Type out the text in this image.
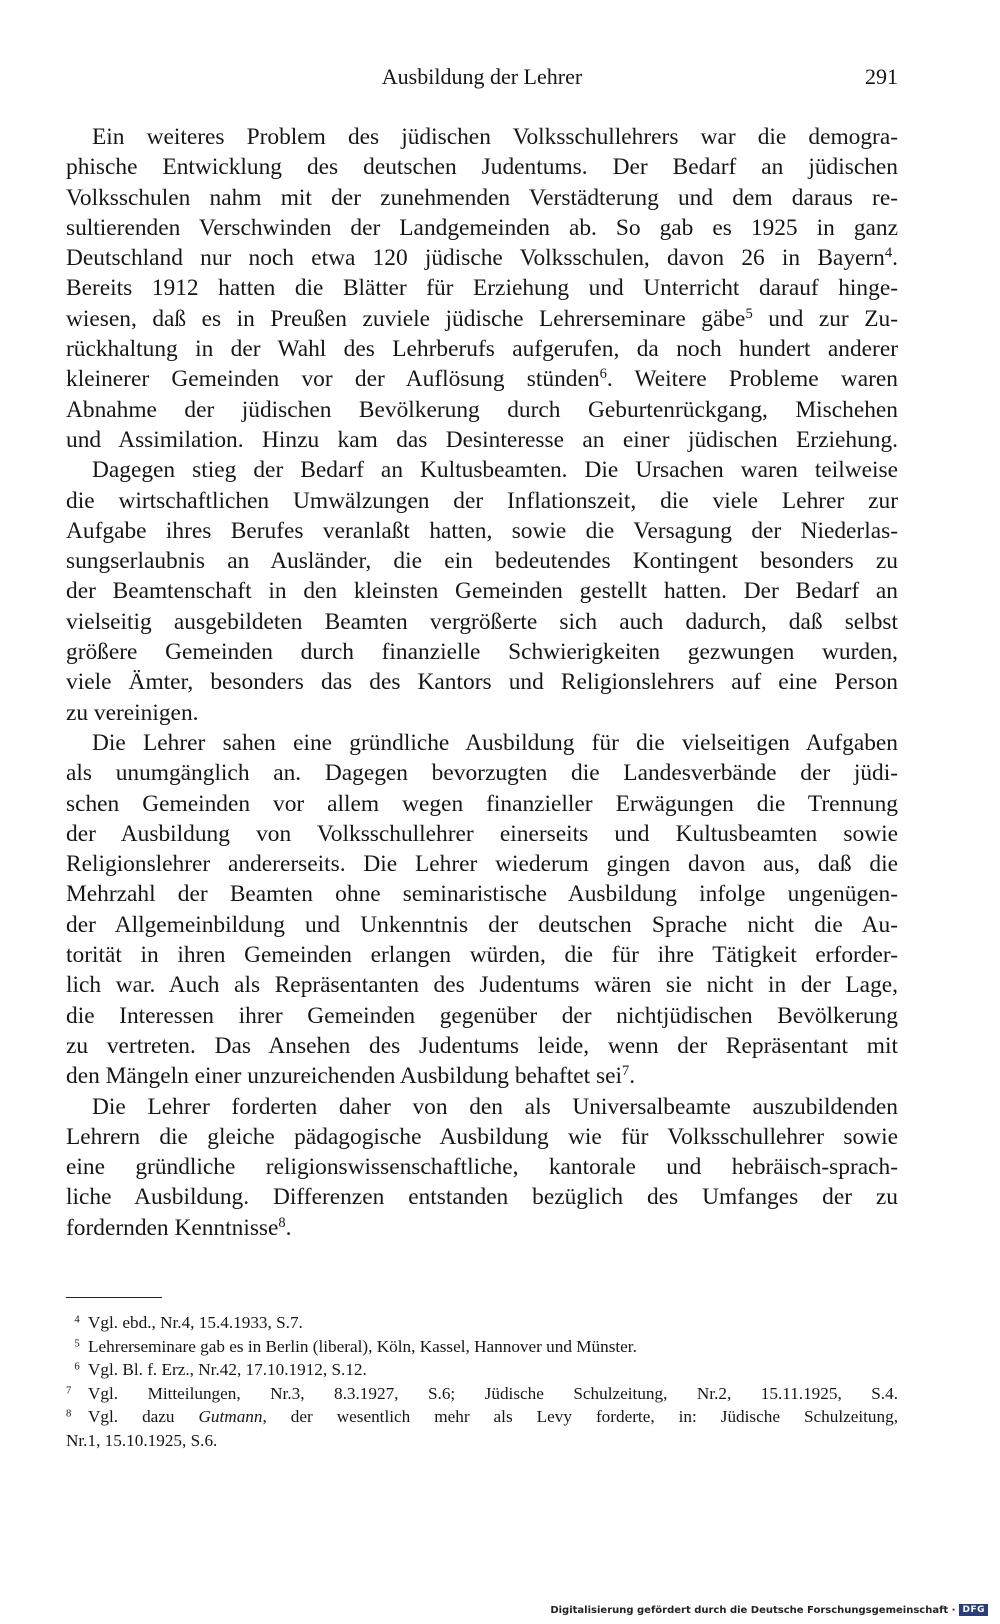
Ausbildung der Lehrer	291
Ein weiteres Problem des jüdischen Volksschullehrers war die demogra-
phische Entwicklung des deutschen Judentums. Der Bedarf an jüdischen
Volksschulen nahm mit der zunehmenden Verstädterung und dem daraus re-
sultierenden Verschwinden der Landgemeinden ab. So gab es 1925 in ganz
Deutschland nur noch etwa 120 jüdische Volksschulen, davon 26 in Bayern$^4$.
Bereits 1912 hatten die Blätter für Erziehung und Unterricht darauf hinge-
wiesen, daß es in Preußen zuviele jüdische Lehrerseminare gäbe$^5$ und zur Zu-
rückhaltung in der Wahl des Lehrberufs aufgerufen, da noch hundert anderer
kleinerer Gemeinden vor der Auflösung stünden$^6$. Weitere Probleme waren
Abnahme der jüdischen Bevölkerung durch Geburtenrückgang, Mischehen
und Assimilation. Hinzu kam das Desinteresse an einer jüdischen Erziehung.
Dagegen stieg der Bedarf an Kultusbeamten. Die Ursachen waren teilweise
die wirtschaftlichen Umwälzungen der Inflationszeit, die viele Lehrer zur
Aufgabe ihres Berufes veranlaßt hatten, sowie die Versagung der Niederlas-
sungserlaubnis an Ausländer, die ein bedeutendes Kontingent besonders zu
der Beamtenschaft in den kleinsten Gemeinden gestellt hatten. Der Bedarf an
vielseitig ausgebildeten Beamten vergrößerte sich auch dadurch, daß selbst
größere Gemeinden durch finanzielle Schwierigkeiten gezwungen wurden,
viele Ämter, besonders das des Kantors und Religionslehrers auf eine Person
zu vereinigen.
Die Lehrer sahen eine gründliche Ausbildung für die vielseitigen Aufgaben
als unumgänglich an. Dagegen bevorzugten die Landesverbände der jüdi-
schen Gemeinden vor allem wegen finanzieller Erwägungen die Trennung
der Ausbildung von Volksschullehrer einerseits und Kultusbeamten sowie
Religionslehrer andererseits. Die Lehrer wiederum gingen davon aus, daß die
Mehrzahl der Beamten ohne seminaristische Ausbildung infolge ungenügen-
der Allgemeinbildung und Unkenntnis der deutschen Sprache nicht die Au-
torität in ihren Gemeinden erlangen würden, die für ihre Tätigkeit erforder-
lich war. Auch als Repräsentanten des Judentums wären sie nicht in der Lage,
die Interessen ihrer Gemeinden gegenüber der nichtjüdischen Bevölkerung
zu vertreten. Das Ansehen des Judentums leide, wenn der Repräsentant mit
den Mängeln einer unzureichenden Ausbildung behaftet sei$^7$.
Die Lehrer forderten daher von den als Universalbeamte auszubildenden
Lehrern die gleiche pädagogische Ausbildung wie für Volksschullehrer sowie
eine gründliche religionswissenschaftliche, kantorale und hebräisch-sprach-
liche Ausbildung. Differenzen entstanden bezüglich des Umfanges der zu
fordernden Kenntnisse$^8$.
$^4$ Vgl. ebd., Nr.4, 15.4.1933, S.7.
$^5$ Lehrerseminare gab es in Berlin (liberal), Köln, Kassel, Hannover und Münster.
$^6$ Vgl. Bl. f. Erz., Nr.42, 17.10.1912, S.12.
$^7$ Vgl. Mitteilungen, Nr.3, 8.3.1927, S.6; Jüdische Schulzeitung, Nr.2, 15.11.1925, S.4.
$^8$ Vgl. dazu Gutmann, der wesentlich mehr als Levy forderte, in: Jüdische Schulzeitung,
Nr.1, 15.10.1925, S.6.
Digitalisierung gefördert durch die Deutsche Forschungsgemeinschaft · DFG
